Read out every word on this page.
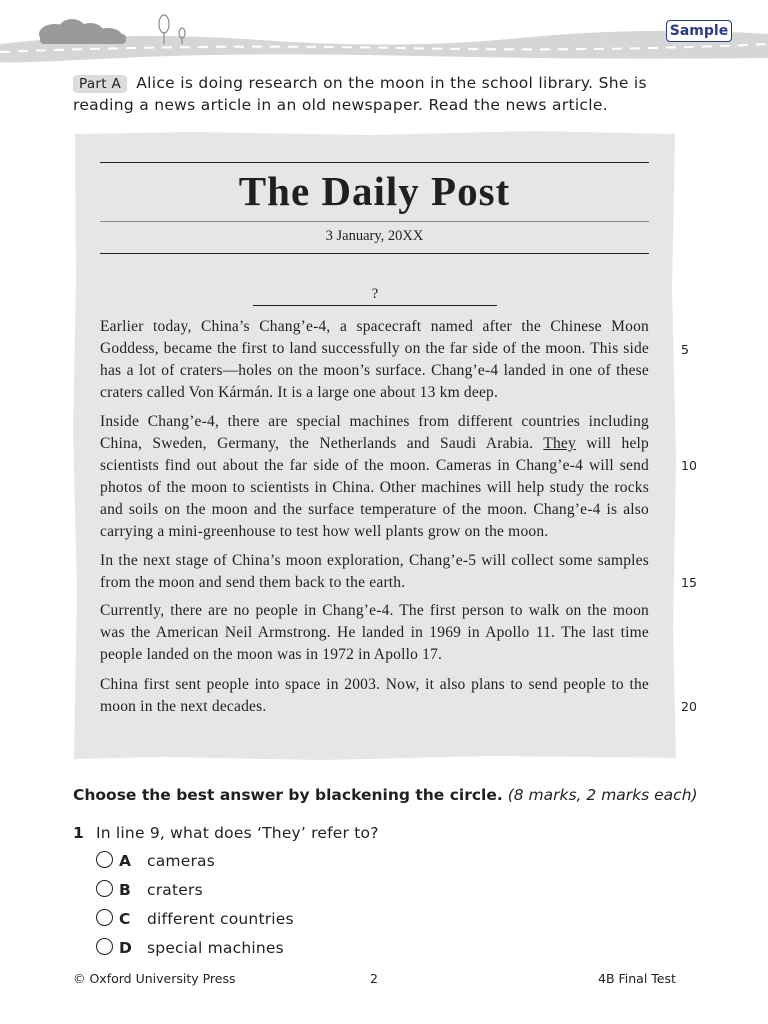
Sample
Part A Alice is doing research on the moon in the school library. She is reading a news article in an old newspaper. Read the news article.
The Daily Post
3 January, 20XX
?
Earlier today, China’s Chang’e-4, a spacecraft named after the Chinese Moon Goddess, became the first to land successfully on the far side of the moon. This side has a lot of craters—holes on the moon’s surface. Chang’e-4 landed in one of these craters called Von Kármán. It is a large one about 13 km deep.
Inside Chang’e-4, there are special machines from different countries including China, Sweden, Germany, the Netherlands and Saudi Arabia. They will help scientists find out about the far side of the moon. Cameras in Chang’e-4 will send photos of the moon to scientists in China. Other machines will help study the rocks and soils on the moon and the surface temperature of the moon. Chang’e-4 is also carrying a mini-greenhouse to test how well plants grow on the moon.
In the next stage of China’s moon exploration, Chang’e-5 will collect some samples from the moon and send them back to the earth.
Currently, there are no people in Chang’e-4. The first person to walk on the moon was the American Neil Armstrong. He landed in 1969 in Apollo 11. The last time people landed on the moon was in 1972 in Apollo 17.
China first sent people into space in 2003. Now, it also plans to send people to the moon in the next decades.
5
10
15
20
Choose the best answer by blackening the circle. (8 marks, 2 marks each)
1 In line 9, what does ‘They’ refer to?
A cameras
B craters
C different countries
D special machines
© Oxford University Press	2	4B Final Test
